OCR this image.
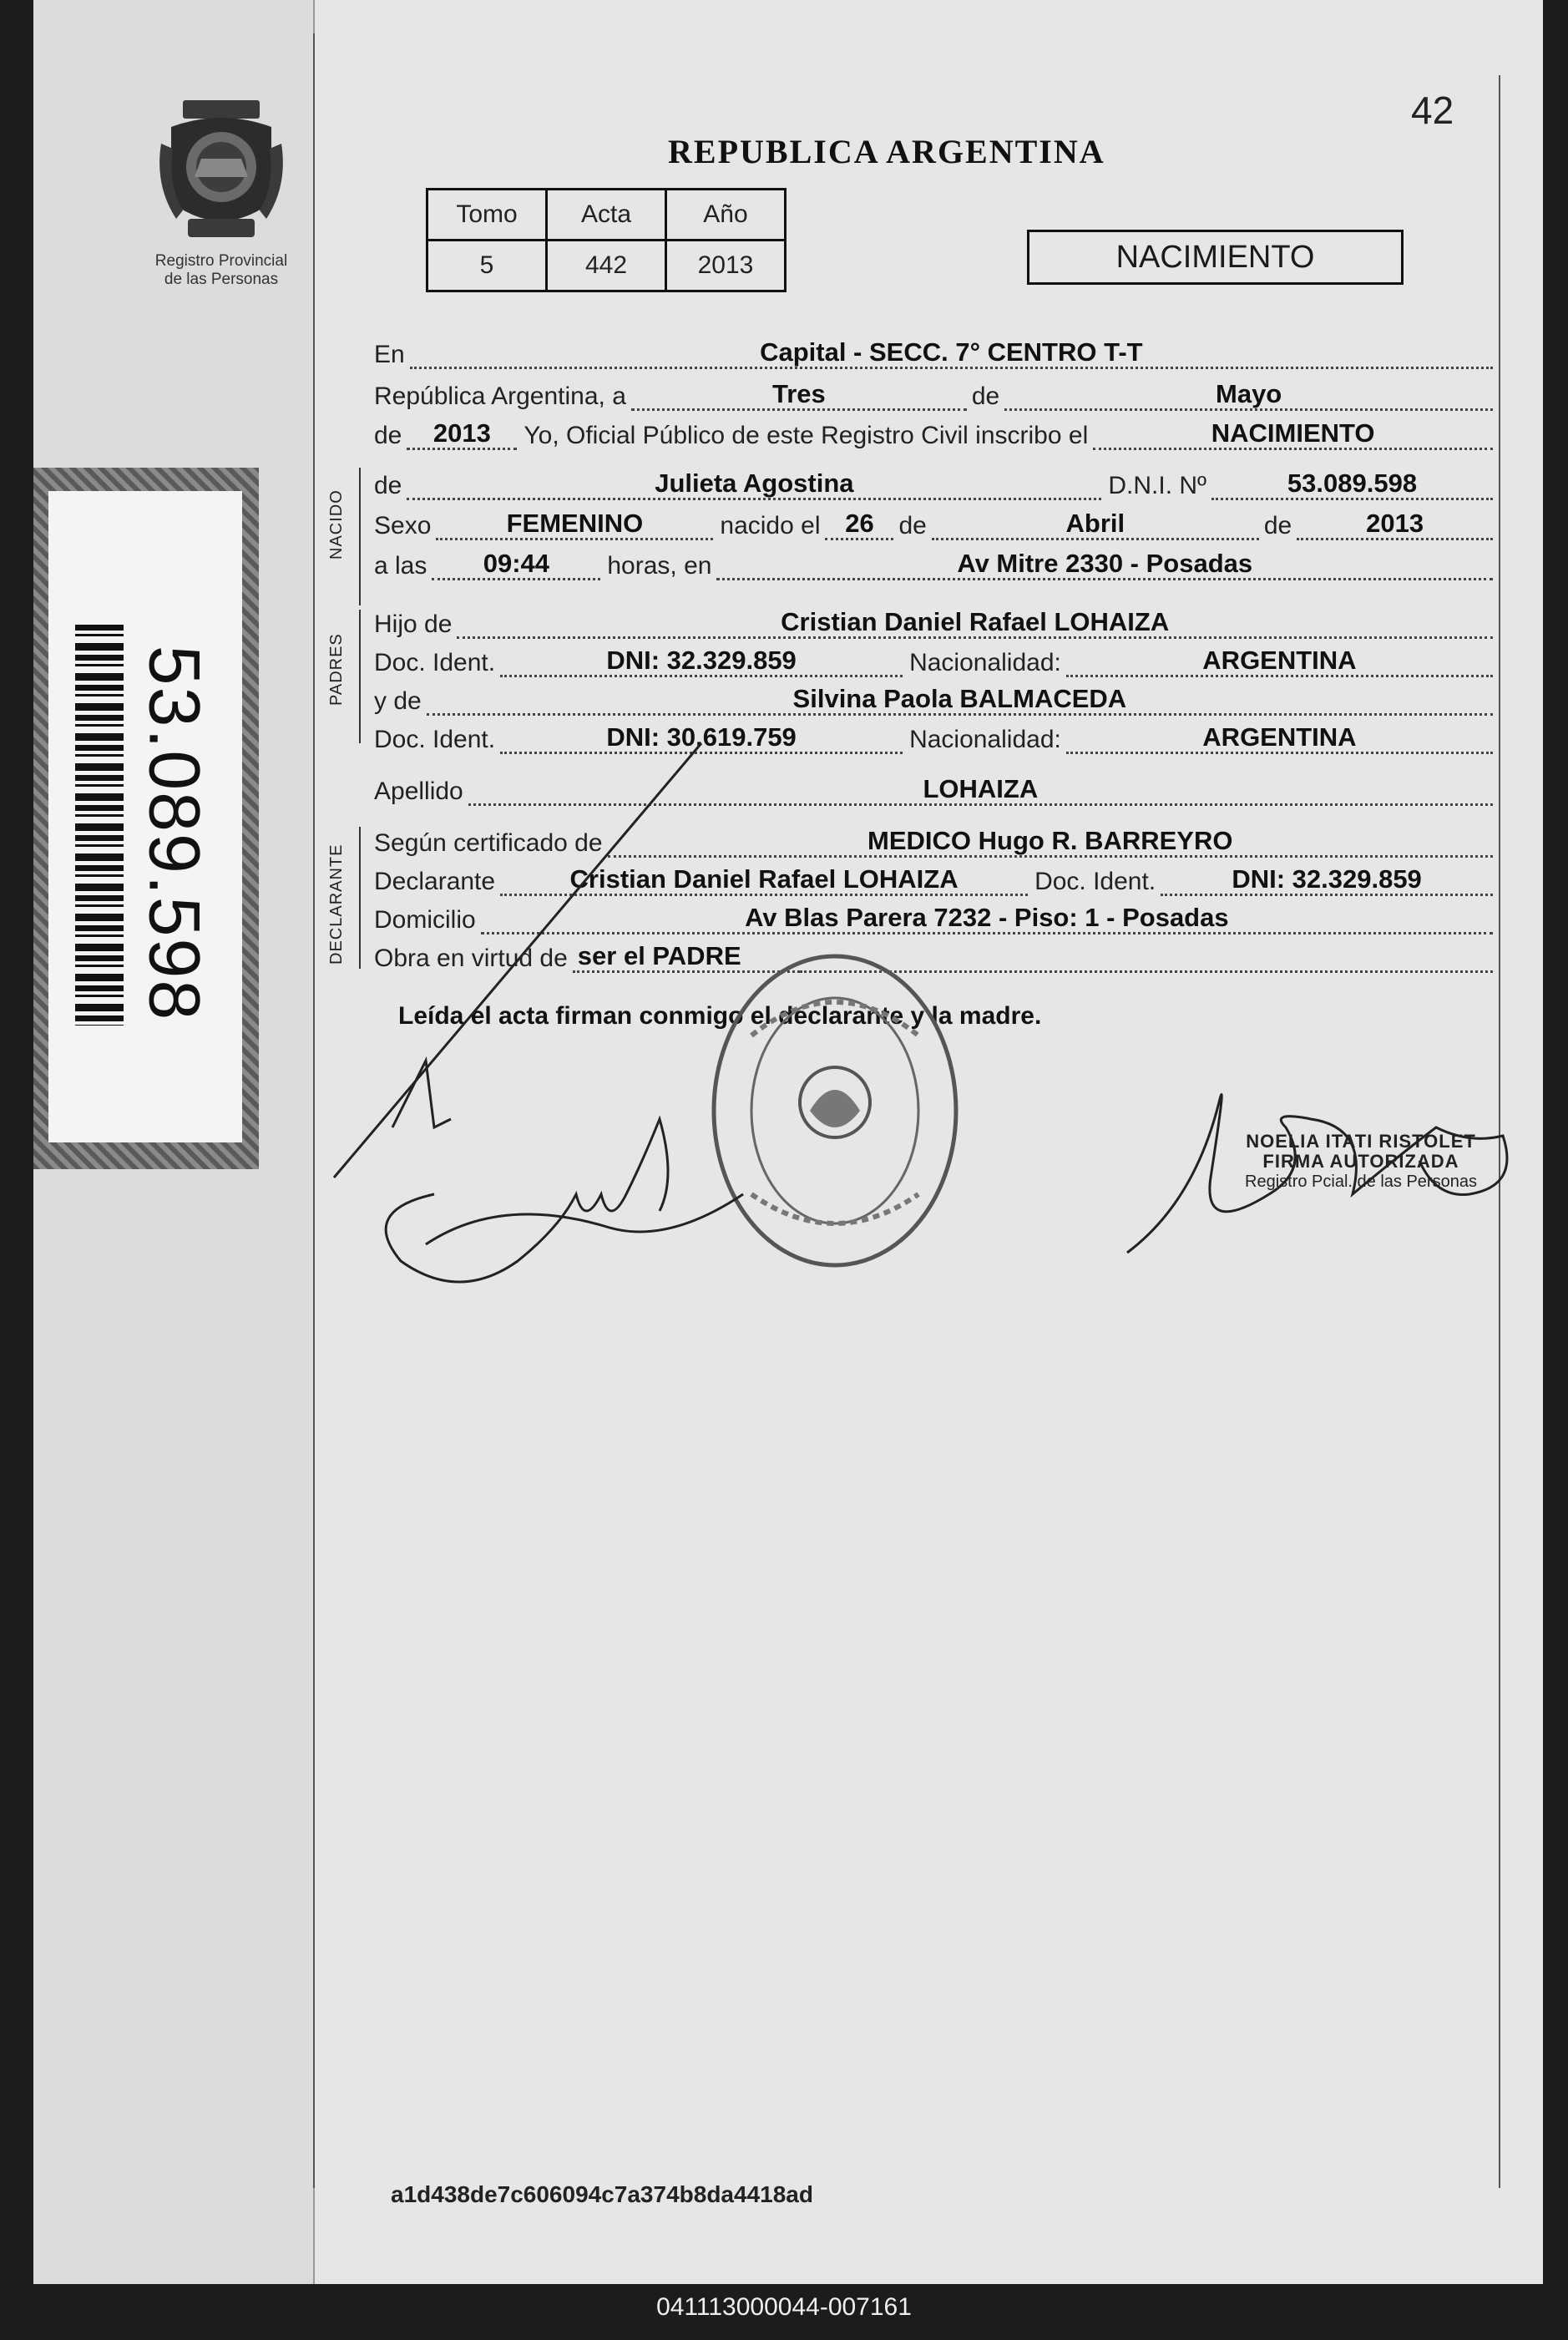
Registro Provincial
de las Personas
53.089.598
42
REPUBLICA ARGENTINA
Tomo	Acta	Año
5	442	2013	NACIMIENTO
En	Capital - SECC. 7° CENTRO T-T
República Argentina, a	Tres	de	Mayo
de	2013	Yo, Oficial Público de este Registro Civil inscribo el	NACIMIENTO
NACIDO
de	Julieta Agostina	D.N.I. Nº	53.089.598
Sexo	FEMENINO	nacido el 26 de	Abril	de	2013
a las	09:44	horas, en	Av Mitre 2330 - Posadas
PADRES
Hijo de	Cristian Daniel Rafael LOHAIZA
Doc. Ident.	DNI: 32.329.859	Nacionalidad:	ARGENTINA
y de	Silvina Paola BALMACEDA
Doc. Ident.	DNI: 30.619.759	Nacionalidad:	ARGENTINA
Apellido	LOHAIZA
DECLARANTE
Según certificado de	MEDICO Hugo R. BARREYRO
Declarante	Cristian Daniel Rafael LOHAIZA	Doc. Ident.	DNI: 32.329.859
Domicilio	Av Blas Parera 7232 - Piso: 1 - Posadas
Obra en virtud de ser el PADRE
Leída el acta firman conmigo el declarante y la madre.
NOELIA ITATI RISTOLET
FIRMA AUTORIZADA
Registro Pcial. de las Personas
a1d438de7c606094c7a374b8da4418ad
041113000044-007161
